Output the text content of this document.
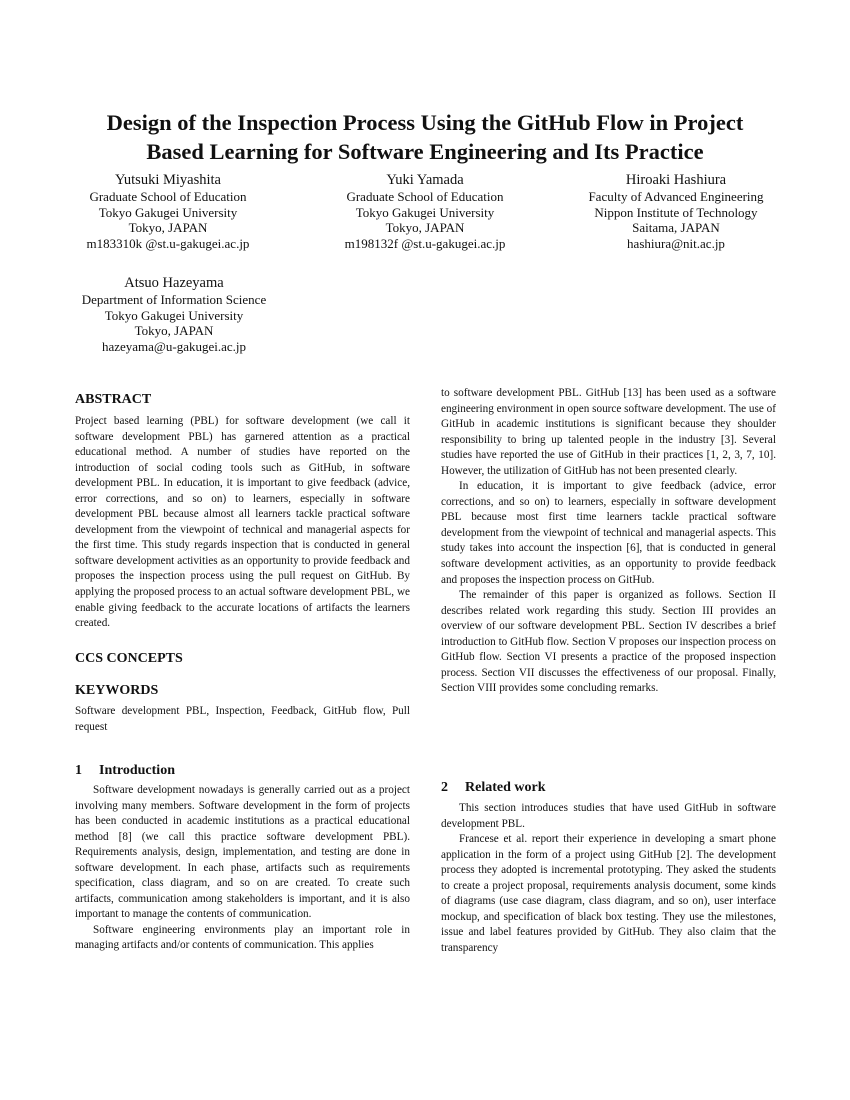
Design of the Inspection Process Using the GitHub Flow in Project
Based Learning for Software Engineering and Its Practice
Yutsuki Miyashita
Graduate School of Education
Tokyo Gakugei University
Tokyo, JAPAN
m183310k @st.u-gakugei.ac.jp
Yuki Yamada
Graduate School of Education
Tokyo Gakugei University
Tokyo, JAPAN
m198132f @st.u-gakugei.ac.jp
Hiroaki Hashiura
Faculty of Advanced Engineering
Nippon Institute of Technology
Saitama, JAPAN
hashiura@nit.ac.jp
Atsuo Hazeyama
Department of Information Science
Tokyo Gakugei University
Tokyo, JAPAN
hazeyama@u-gakugei.ac.jp
ABSTRACT

Project based learning (PBL) for software development (we call it software development PBL) has garnered attention as a practical educational method. A number of studies have reported on the introduction of social coding tools such as GitHub, in software development PBL. In education, it is important to give feedback (advice, error corrections, and so on) to learners, especially in software development PBL because almost all learners tackle practical software development from the viewpoint of technical and managerial aspects for the first time. This study regards inspection that is conducted in general software development activities as an opportunity to provide feedback and proposes the inspection process using the pull request on GitHub. By applying the proposed process to an actual software development PBL, we enable giving feedback to the accurate locations of artifacts the learners created.

CCS CONCEPTS
KEYWORDS

Software development PBL, Inspection, Feedback, GitHub flow, Pull request

1 Introduction

Software development nowadays is generally carried out as a project involving many members. Software development in the form of projects has been conducted in academic institutions as a practical educational method [8] (we call this practice software development PBL). Requirements analysis, design, implementation, and testing are done in software development. In each phase, artifacts such as requirements specification, class diagram, and so on are created. To create such artifacts, communication among stakeholders is important, and it is also important to manage the contents of communication.

Software engineering environments play an important role in managing artifacts and/or contents of communication. This applies

to software development PBL. GitHub [13] has been used as a software engineering environment in open source software development. The use of GitHub in academic institutions is significant because they shoulder responsibility to bring up talented people in the industry [3]. Several studies have reported the use of GitHub in their practices [1, 2, 3, 7, 10]. However, the utilization of GitHub has not been presented clearly.

In education, it is important to give feedback (advice, error corrections, and so on) to learners, especially in software development PBL because most first time learners tackle practical software development from the viewpoint of technical and managerial aspects. This study takes into account the inspection [6], that is conducted in general software development activities, as an opportunity to provide feedback and proposes the inspection process on GitHub.

The remainder of this paper is organized as follows. Section II describes related work regarding this study. Section III provides an overview of our software development PBL. Section IV describes a brief introduction to GitHub flow. Section V proposes our inspection process on GitHub flow. Section VI presents a practice of the proposed inspection process. Section VII discusses the effectiveness of our proposal. Finally, Section VIII provides some concluding remarks.

2 Related work

This section introduces studies that have used GitHub in software development PBL.

Francese et al. report their experience in developing a smart phone application in the form of a project using GitHub [2]. The development process they adopted is incremental prototyping. They asked the students to create a project proposal, requirements analysis document, some kinds of diagrams (use case diagram, class diagram, and so on), user interface mockup, and specification of black box testing. They use the milestones, issue and label features provided by GitHub. They also claim that the transparency
